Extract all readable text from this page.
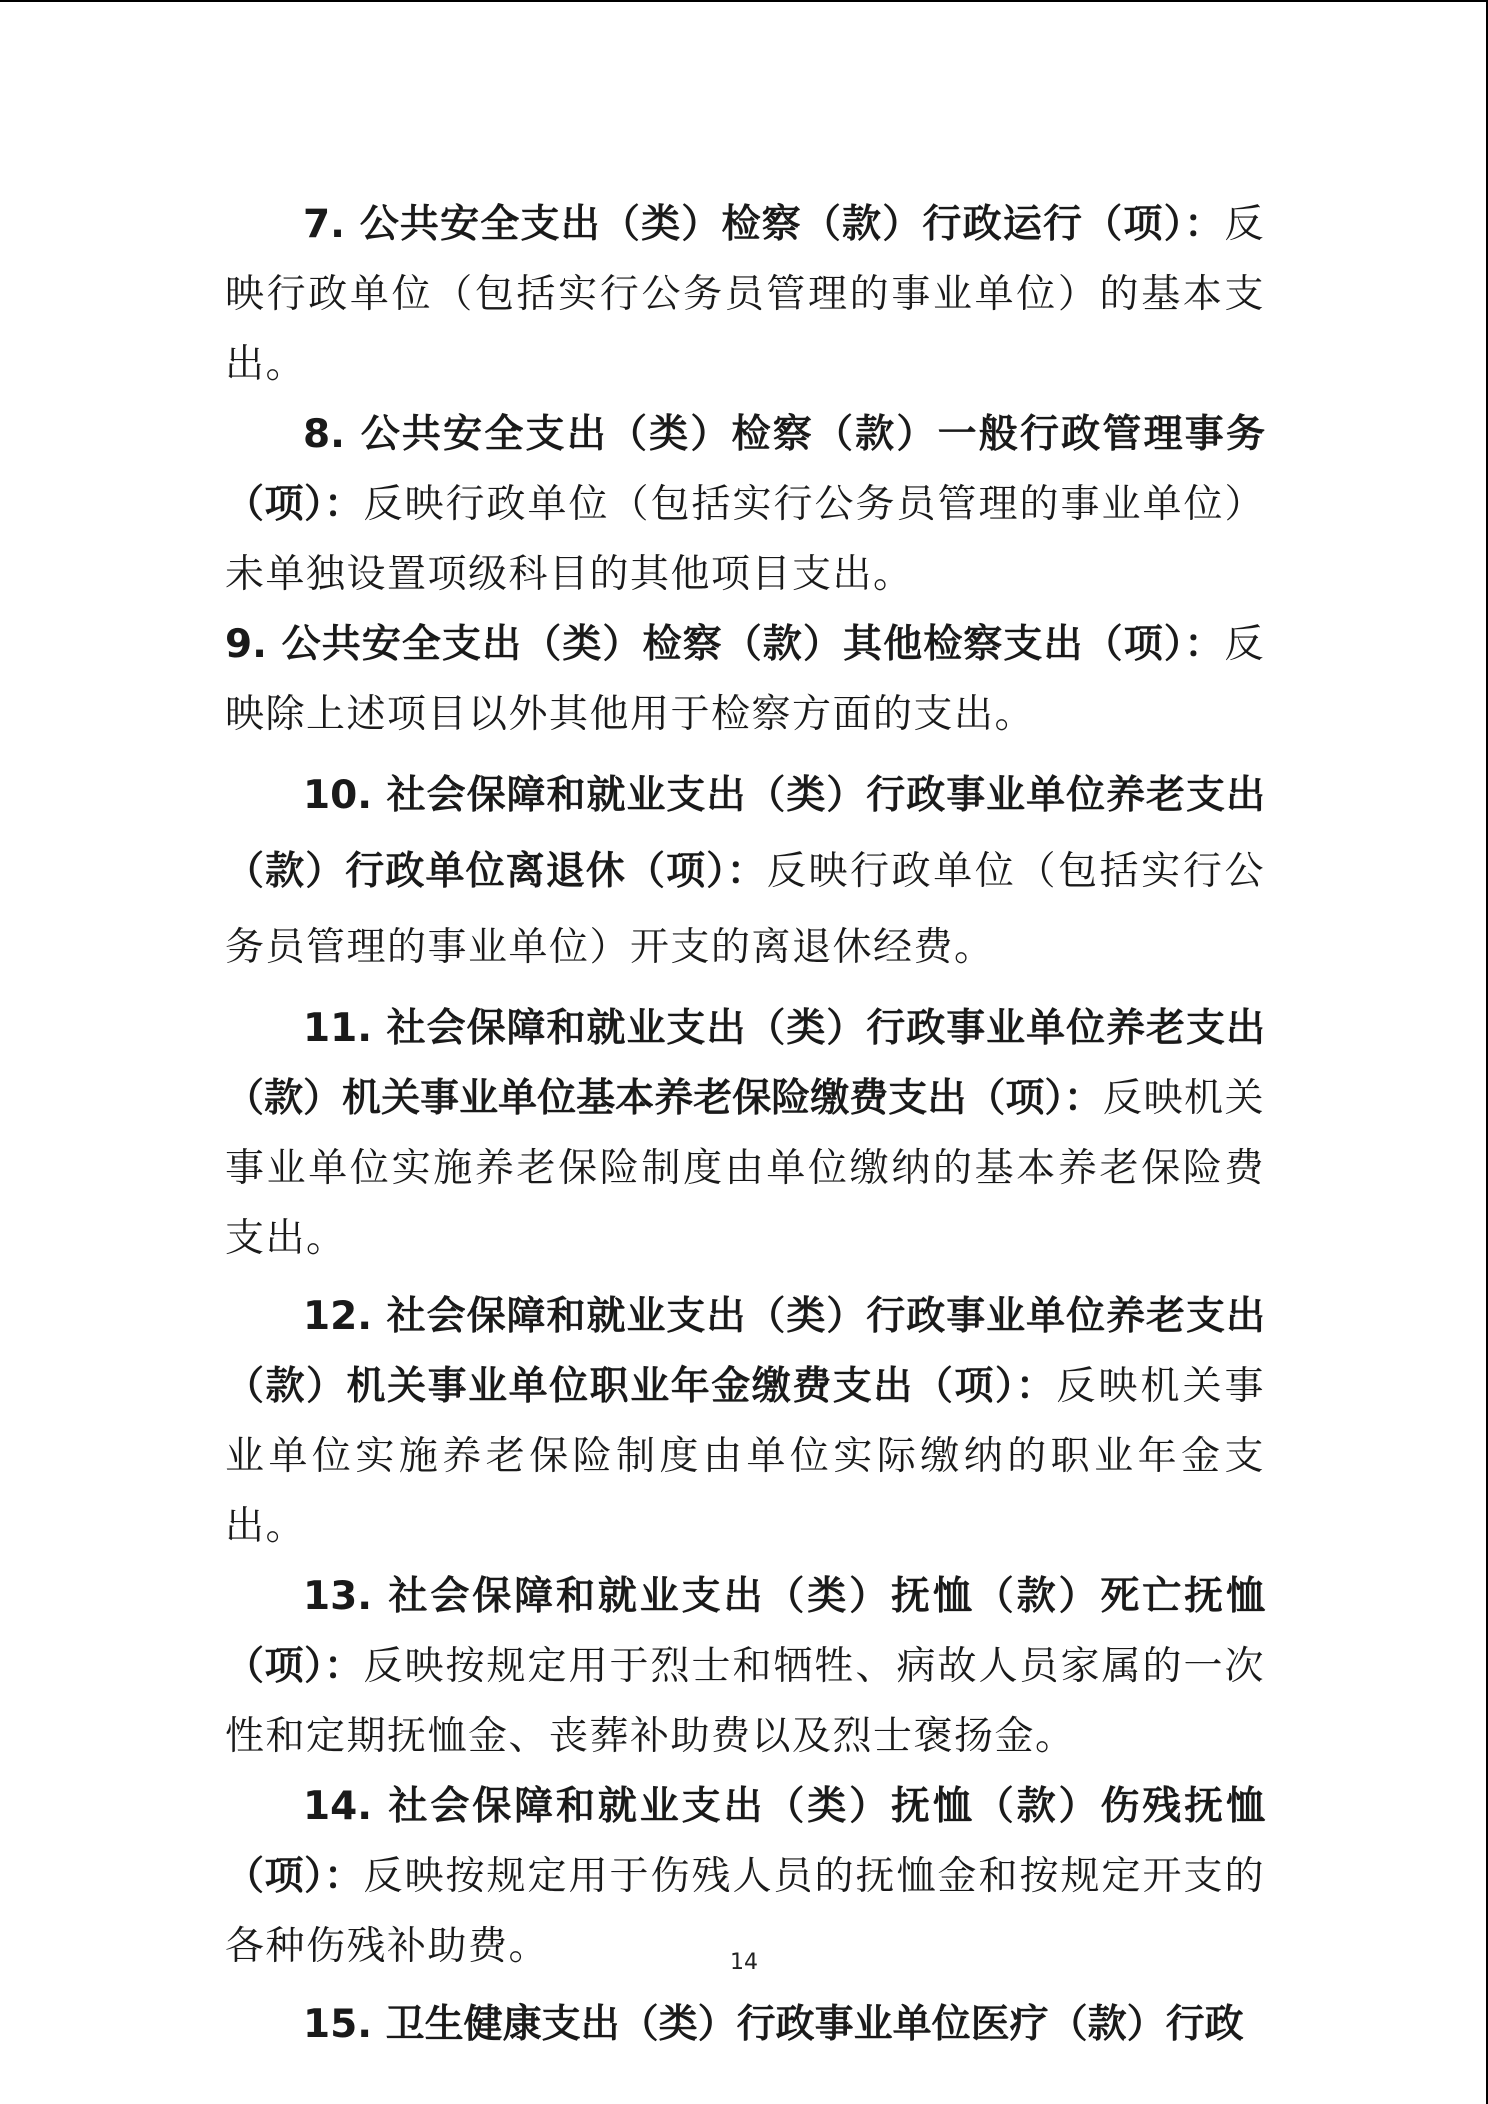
7. 公共安全支出（类）检察（款）行政运行（项）：反映行政单位（包括实行公务员管理的事业单位）的基本支出。

8. 公共安全支出（类）检察（款）一般行政管理事务（项）：反映行政单位（包括实行公务员管理的事业单位）未单独设置项级科目的其他项目支出。

9. 公共安全支出（类）检察（款）其他检察支出（项）：反映除上述项目以外其他用于检察方面的支出。

10. 社会保障和就业支出（类）行政事业单位养老支出（款）行政单位离退休（项）：反映行政单位（包括实行公务员管理的事业单位）开支的离退休经费。

11. 社会保障和就业支出（类）行政事业单位养老支出（款）机关事业单位基本养老保险缴费支出（项）：反映机关事业单位实施养老保险制度由单位缴纳的基本养老保险费支出。

12. 社会保障和就业支出（类）行政事业单位养老支出（款）机关事业单位职业年金缴费支出（项）：反映机关事业单位实施养老保险制度由单位实际缴纳的职业年金支出。

13. 社会保障和就业支出（类）抚恤（款）死亡抚恤（项）：反映按规定用于烈士和牺牲、病故人员家属的一次性和定期抚恤金、丧葬补助费以及烈士褒扬金。

14. 社会保障和就业支出（类）抚恤（款）伤残抚恤（项）：反映按规定用于伤残人员的抚恤金和按规定开支的各种伤残补助费。

15. 卫生健康支出（类）行政事业单位医疗（款）行政

14
